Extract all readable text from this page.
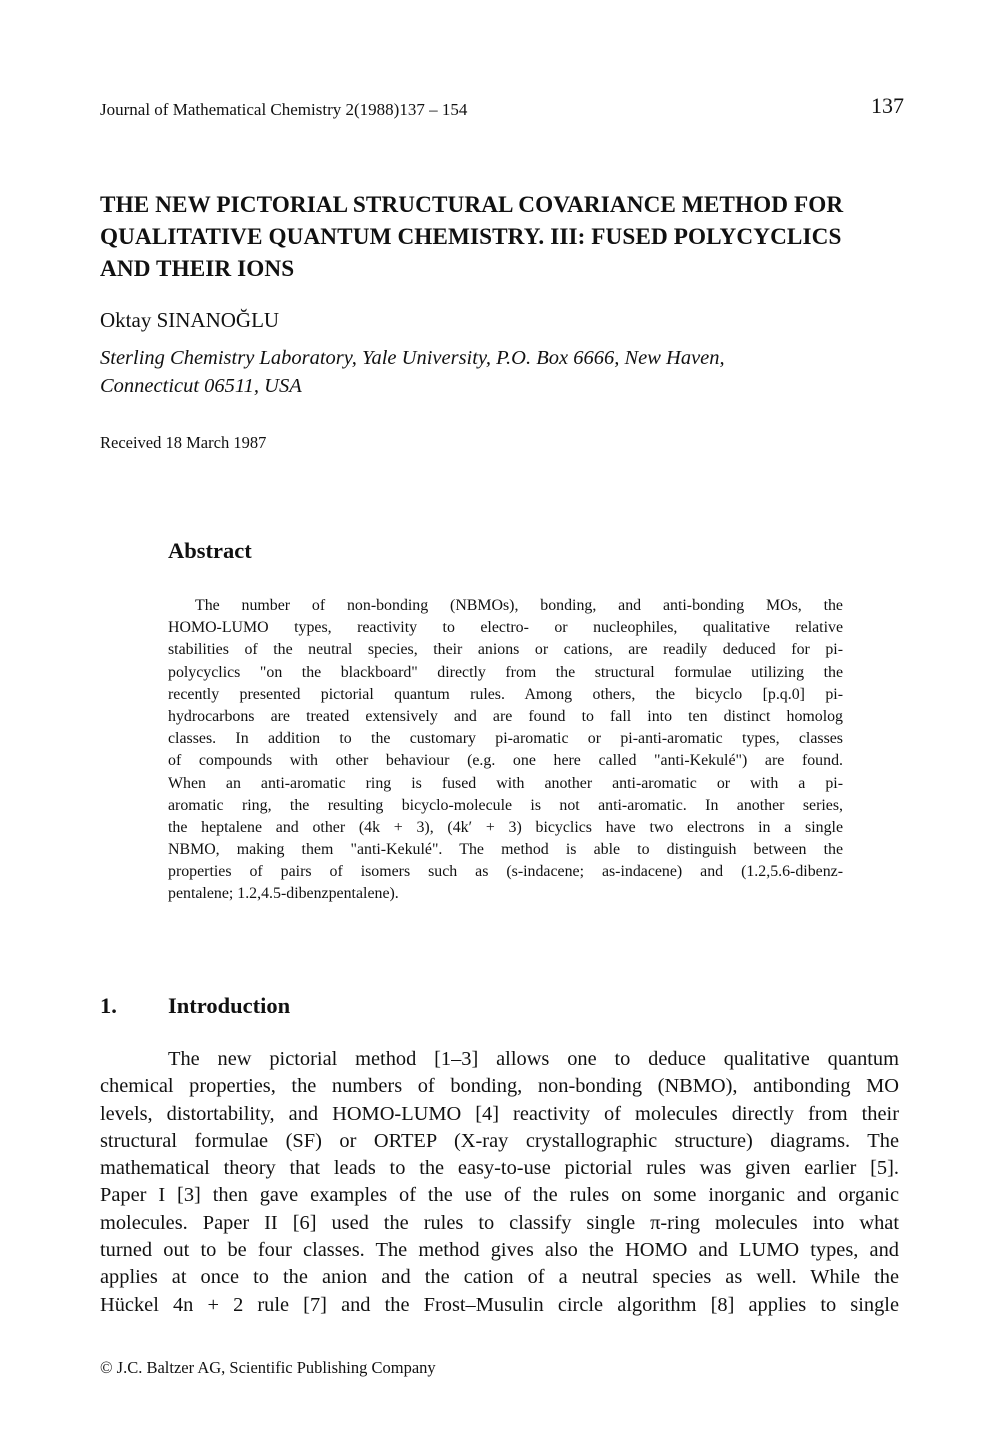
Journal of Mathematical Chemistry 2(1988)137 – 154	137
THE NEW PICTORIAL STRUCTURAL COVARIANCE METHOD FOR
QUALITATIVE QUANTUM CHEMISTRY. III: FUSED POLYCYCLICS
AND THEIR IONS
Oktay SINANOĞLU
Sterling Chemistry Laboratory, Yale University, P.O. Box 6666, New Haven,
Connecticut 06511, USA
Received 18 March 1987
Abstract
The number of non-bonding (NBMOs), bonding, and anti-bonding MOs, the
HOMO-LUMO types, reactivity to electro- or nucleophiles, qualitative relative
stabilities of the neutral species, their anions or cations, are readily deduced for pi-
polycyclics "on the blackboard" directly from the structural formulae utilizing the
recently presented pictorial quantum rules. Among others, the bicyclo [p.q.0] pi-
hydrocarbons are treated extensively and are found to fall into ten distinct homolog
classes. In addition to the customary pi-aromatic or pi-anti-aromatic types, classes
of compounds with other behaviour (e.g. one here called "anti-Kekulé") are found.
When an anti-aromatic ring is fused with another anti-aromatic or with a pi-
aromatic ring, the resulting bicyclo-molecule is not anti-aromatic. In another series,
the heptalene and other (4k + 3), (4k′ + 3) bicyclics have two electrons in a single
NBMO, making them "anti-Kekulé". The method is able to distinguish between the
properties of pairs of isomers such as (s-indacene; as-indacene) and (1.2,5.6-dibenz-
pentalene; 1.2,4.5-dibenzpentalene).
1. Introduction
The new pictorial method [1–3] allows one to deduce qualitative quantum
chemical properties, the numbers of bonding, non-bonding (NBMO), antibonding MO
levels, distortability, and HOMO-LUMO [4] reactivity of molecules directly from their
structural formulae (SF) or ORTEP (X-ray crystallographic structure) diagrams. The
mathematical theory that leads to the easy-to-use pictorial rules was given earlier [5].
Paper I [3] then gave examples of the use of the rules on some inorganic and organic
molecules. Paper II [6] used the rules to classify single π-ring molecules into what
turned out to be four classes. The method gives also the HOMO and LUMO types, and
applies at once to the anion and the cation of a neutral species as well. While the
Hückel 4n + 2 rule [7] and the Frost–Musulin circle algorithm [8] applies to single
© J.C. Baltzer AG, Scientific Publishing Company
